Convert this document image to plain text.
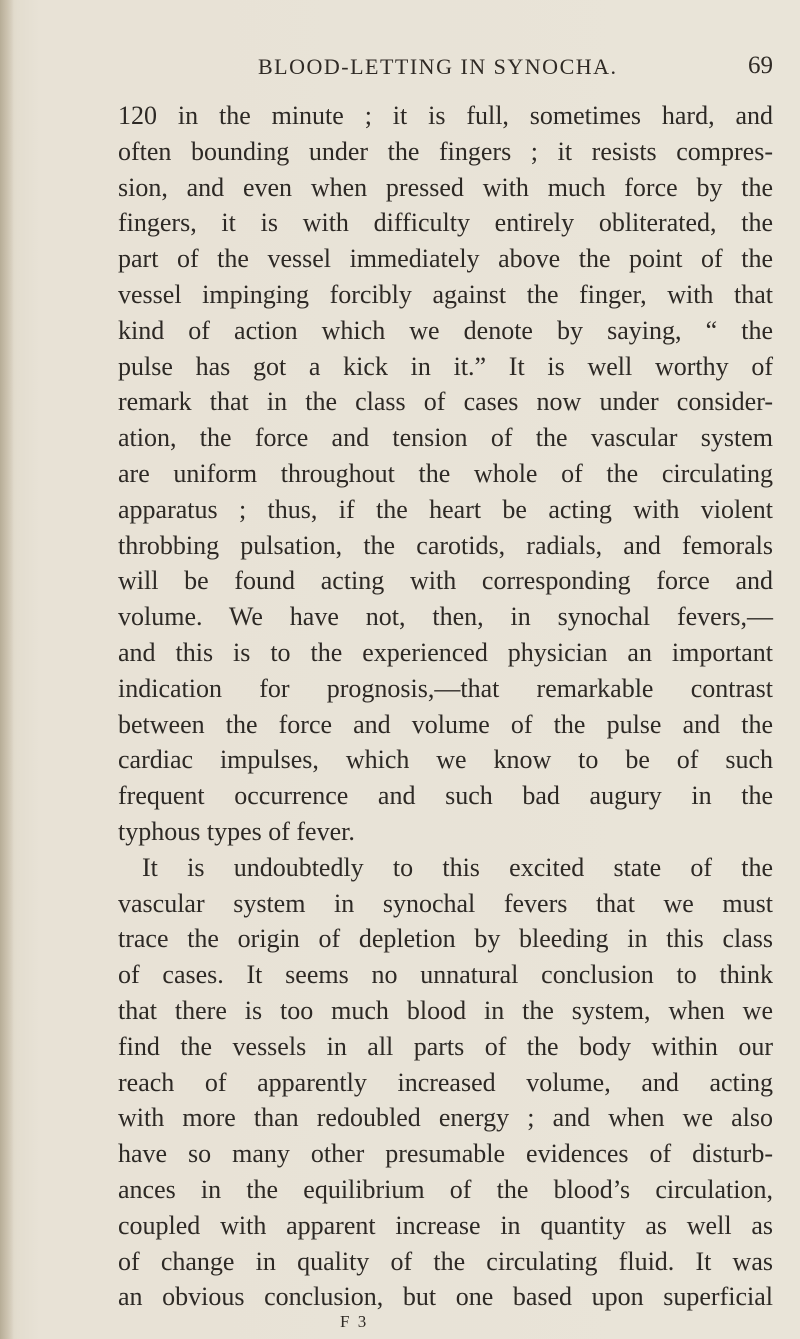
BLOOD-LETTING IN SYNOCHA.	69
120 in the minute ; it is full, sometimes hard, and
often bounding under the fingers ; it resists compres-
sion, and even when pressed with much force by the
fingers, it is with difficulty entirely obliterated, the
part of the vessel immediately above the point of the
vessel impinging forcibly against the finger, with that
kind of action which we denote by saying, “ the
pulse has got a kick in it.” It is well worthy of
remark that in the class of cases now under consider-
ation, the force and tension of the vascular system
are uniform throughout the whole of the circulating
apparatus ; thus, if the heart be acting with violent
throbbing pulsation, the carotids, radials, and femorals
will be found acting with corresponding force and
volume. We have not, then, in synochal fevers,—
and this is to the experienced physician an important
indication for prognosis,—that remarkable contrast
between the force and volume of the pulse and the
cardiac impulses, which we know to be of such
frequent occurrence and such bad augury in the
typhous types of fever.
It is undoubtedly to this excited state of the
vascular system in synochal fevers that we must
trace the origin of depletion by bleeding in this class
of cases. It seems no unnatural conclusion to think
that there is too much blood in the system, when we
find the vessels in all parts of the body within our
reach of apparently increased volume, and acting
with more than redoubled energy ; and when we also
have so many other presumable evidences of disturb-
ances in the equilibrium of the blood’s circulation,
coupled with apparent increase in quantity as well as
of change in quality of the circulating fluid. It was
an obvious conclusion, but one based upon superficial
F 3
